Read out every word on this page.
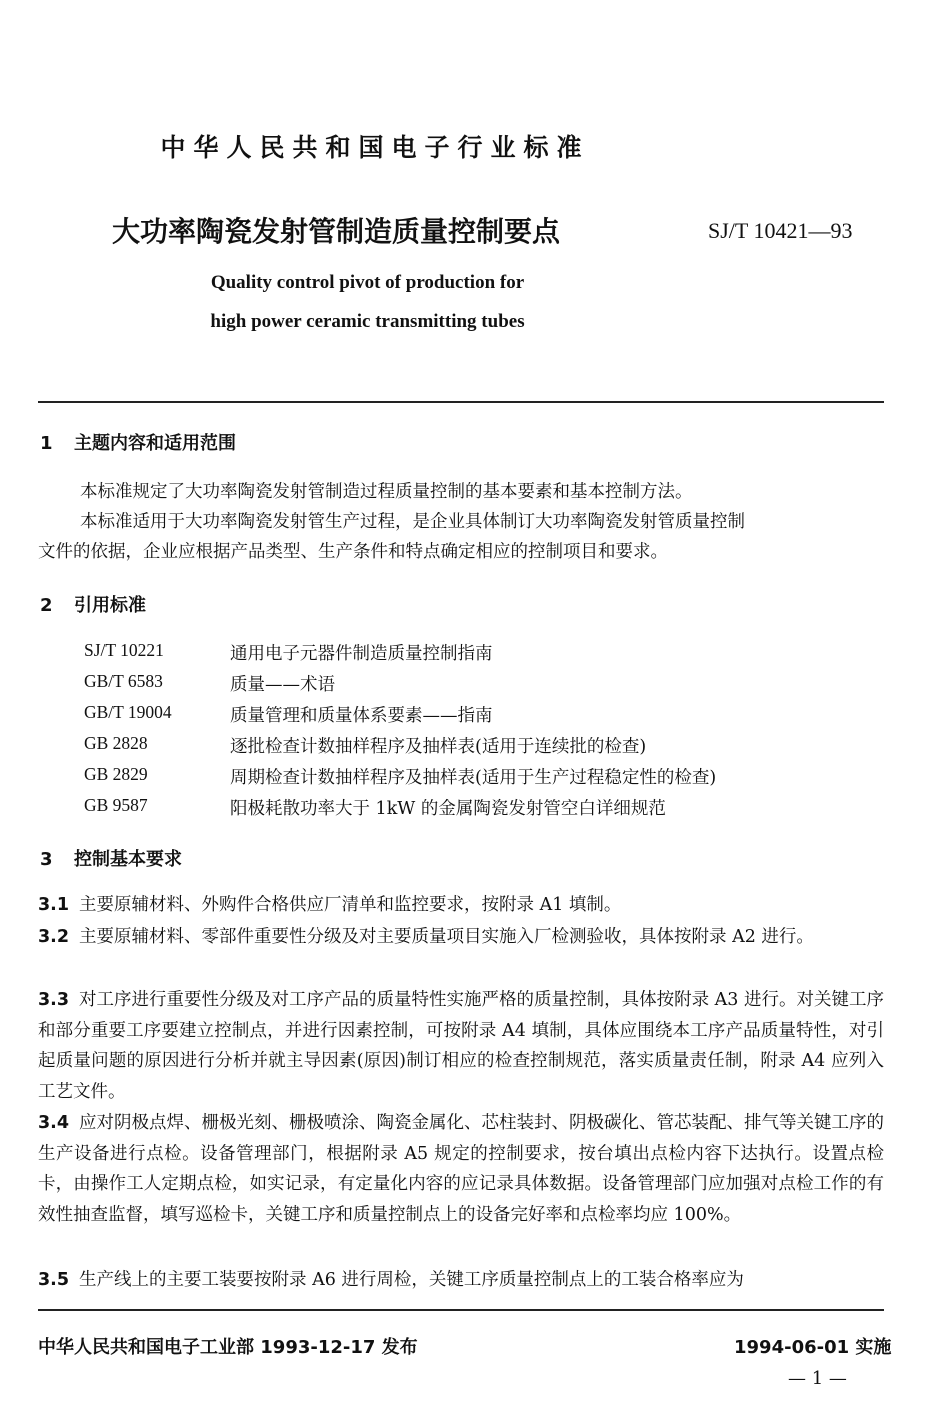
中华人民共和国电子行业标准
大功率陶瓷发射管制造质量控制要点	SJ/T 10421—93
Quality control pivot of production for
high power ceramic transmitting tubes
1 主题内容和适用范围
本标准规定了大功率陶瓷发射管制造过程质量控制的基本要素和基本控制方法。
本标准适用于大功率陶瓷发射管生产过程，是企业具体制订大功率陶瓷发射管质量控制
文件的依据，企业应根据产品类型、生产条件和特点确定相应的控制项目和要求。
2 引用标准
SJ/T 10221	通用电子元器件制造质量控制指南
GB/T 6583	质量——术语
GB/T 19004	质量管理和质量体系要素——指南
GB 2828	逐批检查计数抽样程序及抽样表(适用于连续批的检查)
GB 2829	周期检查计数抽样程序及抽样表(适用于生产过程稳定性的检查)
GB 9587	阳极耗散功率大于 1kW 的金属陶瓷发射管空白详细规范
3 控制基本要求
3.1 主要原辅材料、外购件合格供应厂清单和监控要求，按附录 A1 填制。
3.2 主要原辅材料、零部件重要性分级及对主要质量项目实施入厂检测验收，具体按附录 A2 进行。
3.3 对工序进行重要性分级及对工序产品的质量特性实施严格的质量控制，具体按附录 A3 进行。对关键工序和部分重要工序要建立控制点，并进行因素控制，可按附录 A4 填制，具体应围绕本工序产品质量特性，对引起质量问题的原因进行分析并就主导因素(原因)制订相应的检查控制规范，落实质量责任制，附录 A4 应列入工艺文件。
3.4 应对阴极点焊、栅极光刻、栅极喷涂、陶瓷金属化、芯柱装封、阴极碳化、管芯装配、排气等关键工序的生产设备进行点检。设备管理部门，根据附录 A5 规定的控制要求，按台填出点检内容下达执行。设置点检卡，由操作工人定期点检，如实记录，有定量化内容的应记录具体数据。设备管理部门应加强对点检工作的有效性抽查监督，填写巡检卡，关键工序和质量控制点上的设备完好率和点检率均应 100%。
3.5 生产线上的主要工装要按附录 A6 进行周检，关键工序质量控制点上的工装合格率应为
中华人民共和国电子工业部 1993-12-17 发布	1994-06-01 实施
— 1 —
